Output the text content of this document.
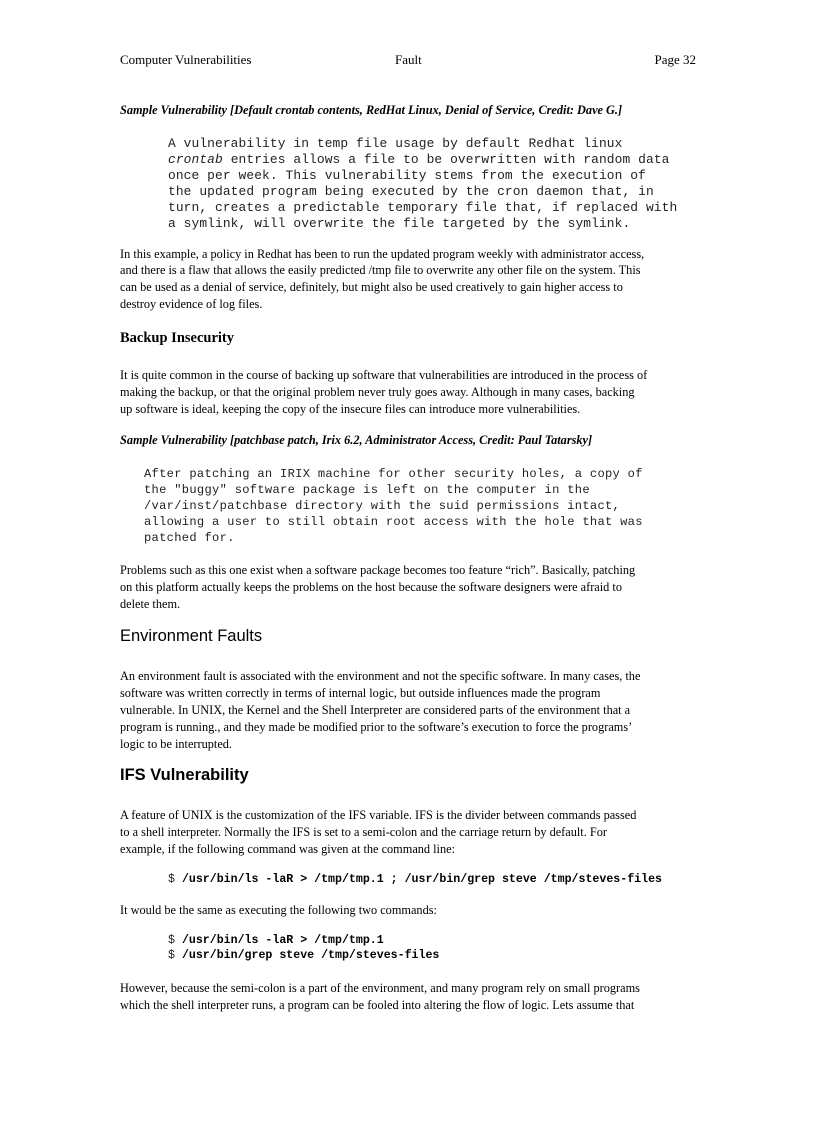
Computer Vulnerabilities	Fault	Page 32
Sample Vulnerability [Default crontab contents, RedHat Linux, Denial of Service, Credit: Dave G.]
A vulnerability in temp file usage by default Redhat linux
crontab entries allows a file to be overwritten with random data
once per week. This vulnerability stems from the execution of
the updated program being executed by the cron daemon that, in
turn, creates a predictable temporary file that, if replaced with
a symlink, will overwrite the file targeted by the symlink.
In this example, a policy in Redhat has been to run the updated program weekly with administrator access,
and there is a flaw that allows the easily predicted /tmp file to overwrite any other file on the system. This
can be used as a denial of service, definitely, but might also be used creatively to gain higher access to
destroy evidence of log files.
Backup Insecurity
It is quite common in the course of backing up software that vulnerabilities are introduced in the process of
making the backup, or that the original problem never truly goes away. Although in many cases, backing
up software is ideal, keeping the copy of the insecure files can introduce more vulnerabilities.
Sample Vulnerability [patchbase patch, Irix 6.2, Administrator Access, Credit: Paul Tatarsky]
After patching an IRIX machine for other security holes, a copy of
the "buggy" software package is left on the computer in the
/var/inst/patchbase directory with the suid permissions intact,
allowing a user to still obtain root access with the hole that was
patched for.
Problems such as this one exist when a software package becomes too feature “rich”. Basically, patching
on this platform actually keeps the problems on the host because the software designers were afraid to
delete them.
Environment Faults
An environment fault is associated with the environment and not the specific software. In many cases, the
software was written correctly in terms of internal logic, but outside influences made the program
vulnerable. In UNIX, the Kernel and the Shell Interpreter are considered parts of the environment that a
program is running., and they made be modified prior to the software’s execution to force the programs’
logic to be interrupted.
IFS Vulnerability
A feature of UNIX is the customization of the IFS variable. IFS is the divider between commands passed
to a shell interpreter. Normally the IFS is set to a semi-colon and the carriage return by default. For
example, if the following command was given at the command line:
$ /usr/bin/ls -laR > /tmp/tmp.1 ; /usr/bin/grep steve /tmp/steves-files
It would be the same as executing the following two commands:
$ /usr/bin/ls -laR > /tmp/tmp.1
$ /usr/bin/grep steve /tmp/steves-files
However, because the semi-colon is a part of the environment, and many program rely on small programs
which the shell interpreter runs, a program can be fooled into altering the flow of logic. Lets assume that
